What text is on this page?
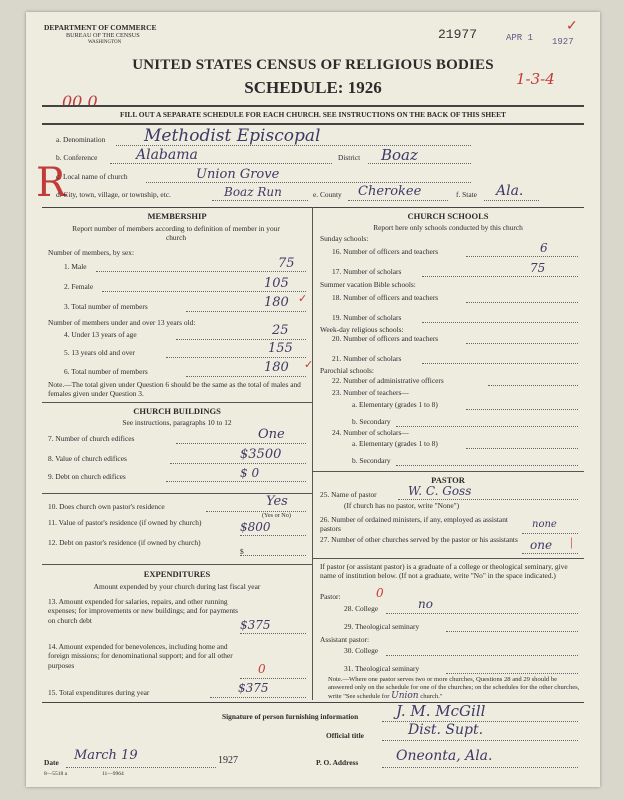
DEPARTMENT OF COMMERCE
BUREAU OF THE CENSUS
WASHINGTON
21977	APR 1 1927
✓
1-3-4
00 0
UNITED STATES CENSUS OF RELIGIOUS BODIES
SCHEDULE: 1926
FILL OUT A SEPARATE SCHEDULE FOR EACH CHURCH. SEE INSTRUCTIONS ON THE BACK OF THIS SHEET
R
a. Denomination Methodist Episcopal
b. Conference	Alabama	District Boaz
c. Local name of church	Union Grove
d. City, town, village, or township, etc.	Boaz Run	e. County Cherokee	f. State Ala.
MEMBERSHIP
Report number of members according to definition of member in your church
Number of members, by sex:
1. Male	75
2. Female	105
3. Total number of members	180 ✓
Number of members under and over 13 years old:
4. Under 13 years of age	25
5. 13 years old and over	155
6. Total number of members	180 ✓
Note.—The total given under Question 6 should be the same as the total of males and females given under Question 3.
CHURCH BUILDINGS
See instructions, paragraphs 10 to 12
7. Number of church edifices	One
8. Value of church edifices	$3500
9. Debt on church edifices	$ 0
10. Does church own pastor's residence	Yes
(Yes or No)
11. Value of pastor's residence (if owned by church)	$800
12. Debt on pastor's residence (if owned by church)
$
EXPENDITURES
Amount expended by your church during last fiscal year
13. Amount expended for salaries, repairs, and other running expenses; for improvements or new buildings; and for payments on church debt	$375
14. Amount expended for benevolences, including home and foreign missions; for denominational support; and for all other purposes	0
15. Total expenditures during year	$375
CHURCH SCHOOLS
Report here only schools conducted by this church
Sunday schools:
16. Number of officers and teachers	6
17. Number of scholars	75
Summer vacation Bible schools:
18. Number of officers and teachers
19. Number of scholars
Week-day religious schools:
20. Number of officers and teachers
21. Number of scholars
Parochial schools:
22. Number of administrative officers
23. Number of teachers—
a. Elementary (grades 1 to 8)
b. Secondary
24. Number of scholars—
a. Elementary (grades 1 to 8)
b. Secondary
PASTOR
25. Name of pastor	W. C. Goss
(If church has no pastor, write "None")
26. Number of ordained ministers, if any, employed as assistant pastors	none
27. Number of other churches served by the pastor or his assistants	one |
If pastor (or assistant pastor) is a graduate of a college or theological seminary, give name of institution below. (If not a graduate, write "No" in the space indicated.)
Pastor:	0
28. College	no
29. Theological seminary
Assistant pastor:
30. College
31. Theological seminary
Note.—Where one pastor serves two or more churches, Questions 28 and 29 should be answered only on the schedule for one of the churches; on the schedules for the other churches, write "See schedule for Union church."
Signature of person furnishing information	J. M. McGill
Official title	Dist. Supt.
Date March 19	1927	P. O. Address	Oneonta, Ala.
8—5518 a	11—9964
